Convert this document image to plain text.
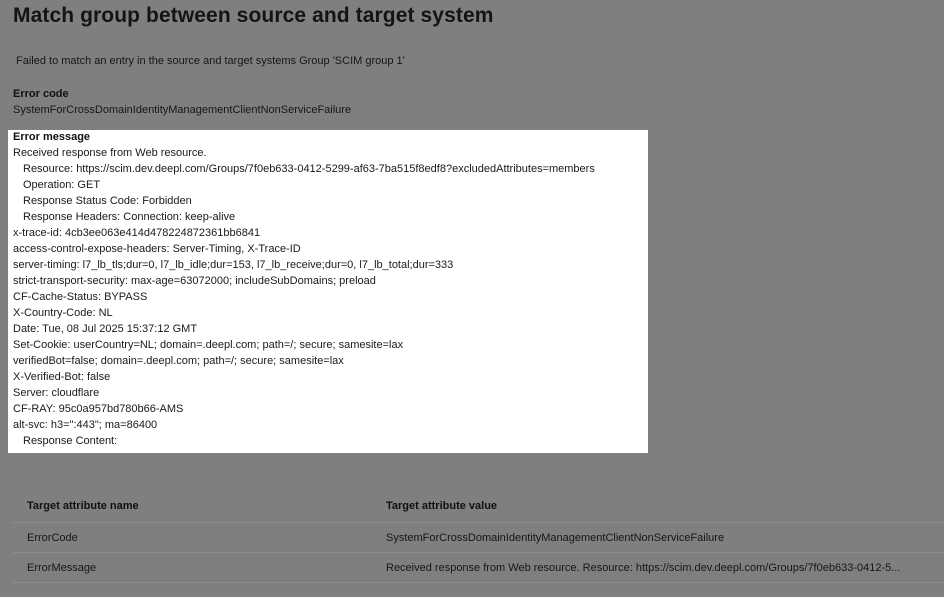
Match group between source and target system
Failed to match an entry in the source and target systems Group 'SCIM group 1'
Error code
SystemForCrossDomainIdentityManagementClientNonServiceFailure
Error message
Received response from Web resource.
Resource: https://scim.dev.deepl.com/Groups/7f0eb633-0412-5299-af63-7ba515f8edf8?excludedAttributes=members
Operation: GET
Response Status Code: Forbidden
Response Headers: Connection: keep-alive
x-trace-id: 4cb3ee063e414d478224872361bb6841
access-control-expose-headers: Server-Timing, X-Trace-ID
server-timing: l7_lb_tls;dur=0, l7_lb_idle;dur=153, l7_lb_receive;dur=0, l7_lb_total;dur=333
strict-transport-security: max-age=63072000; includeSubDomains; preload
CF-Cache-Status: BYPASS
X-Country-Code: NL
Date: Tue, 08 Jul 2025 15:37:12 GMT
Set-Cookie: userCountry=NL; domain=.deepl.com; path=/; secure; samesite=lax
verifiedBot=false; domain=.deepl.com; path=/; secure; samesite=lax
X-Verified-Bot: false
Server: cloudflare
CF-RAY: 95c0a957bd780b66-AMS
alt-svc: h3=":443"; ma=86400
Response Content:
Target attribute name	Target attribute value
ErrorCode	SystemForCrossDomainIdentityManagementClientNonServiceFailure
ErrorMessage	Received response from Web resource. Resource: https://scim.dev.deepl.com/Groups/7f0eb633-0412-5...
